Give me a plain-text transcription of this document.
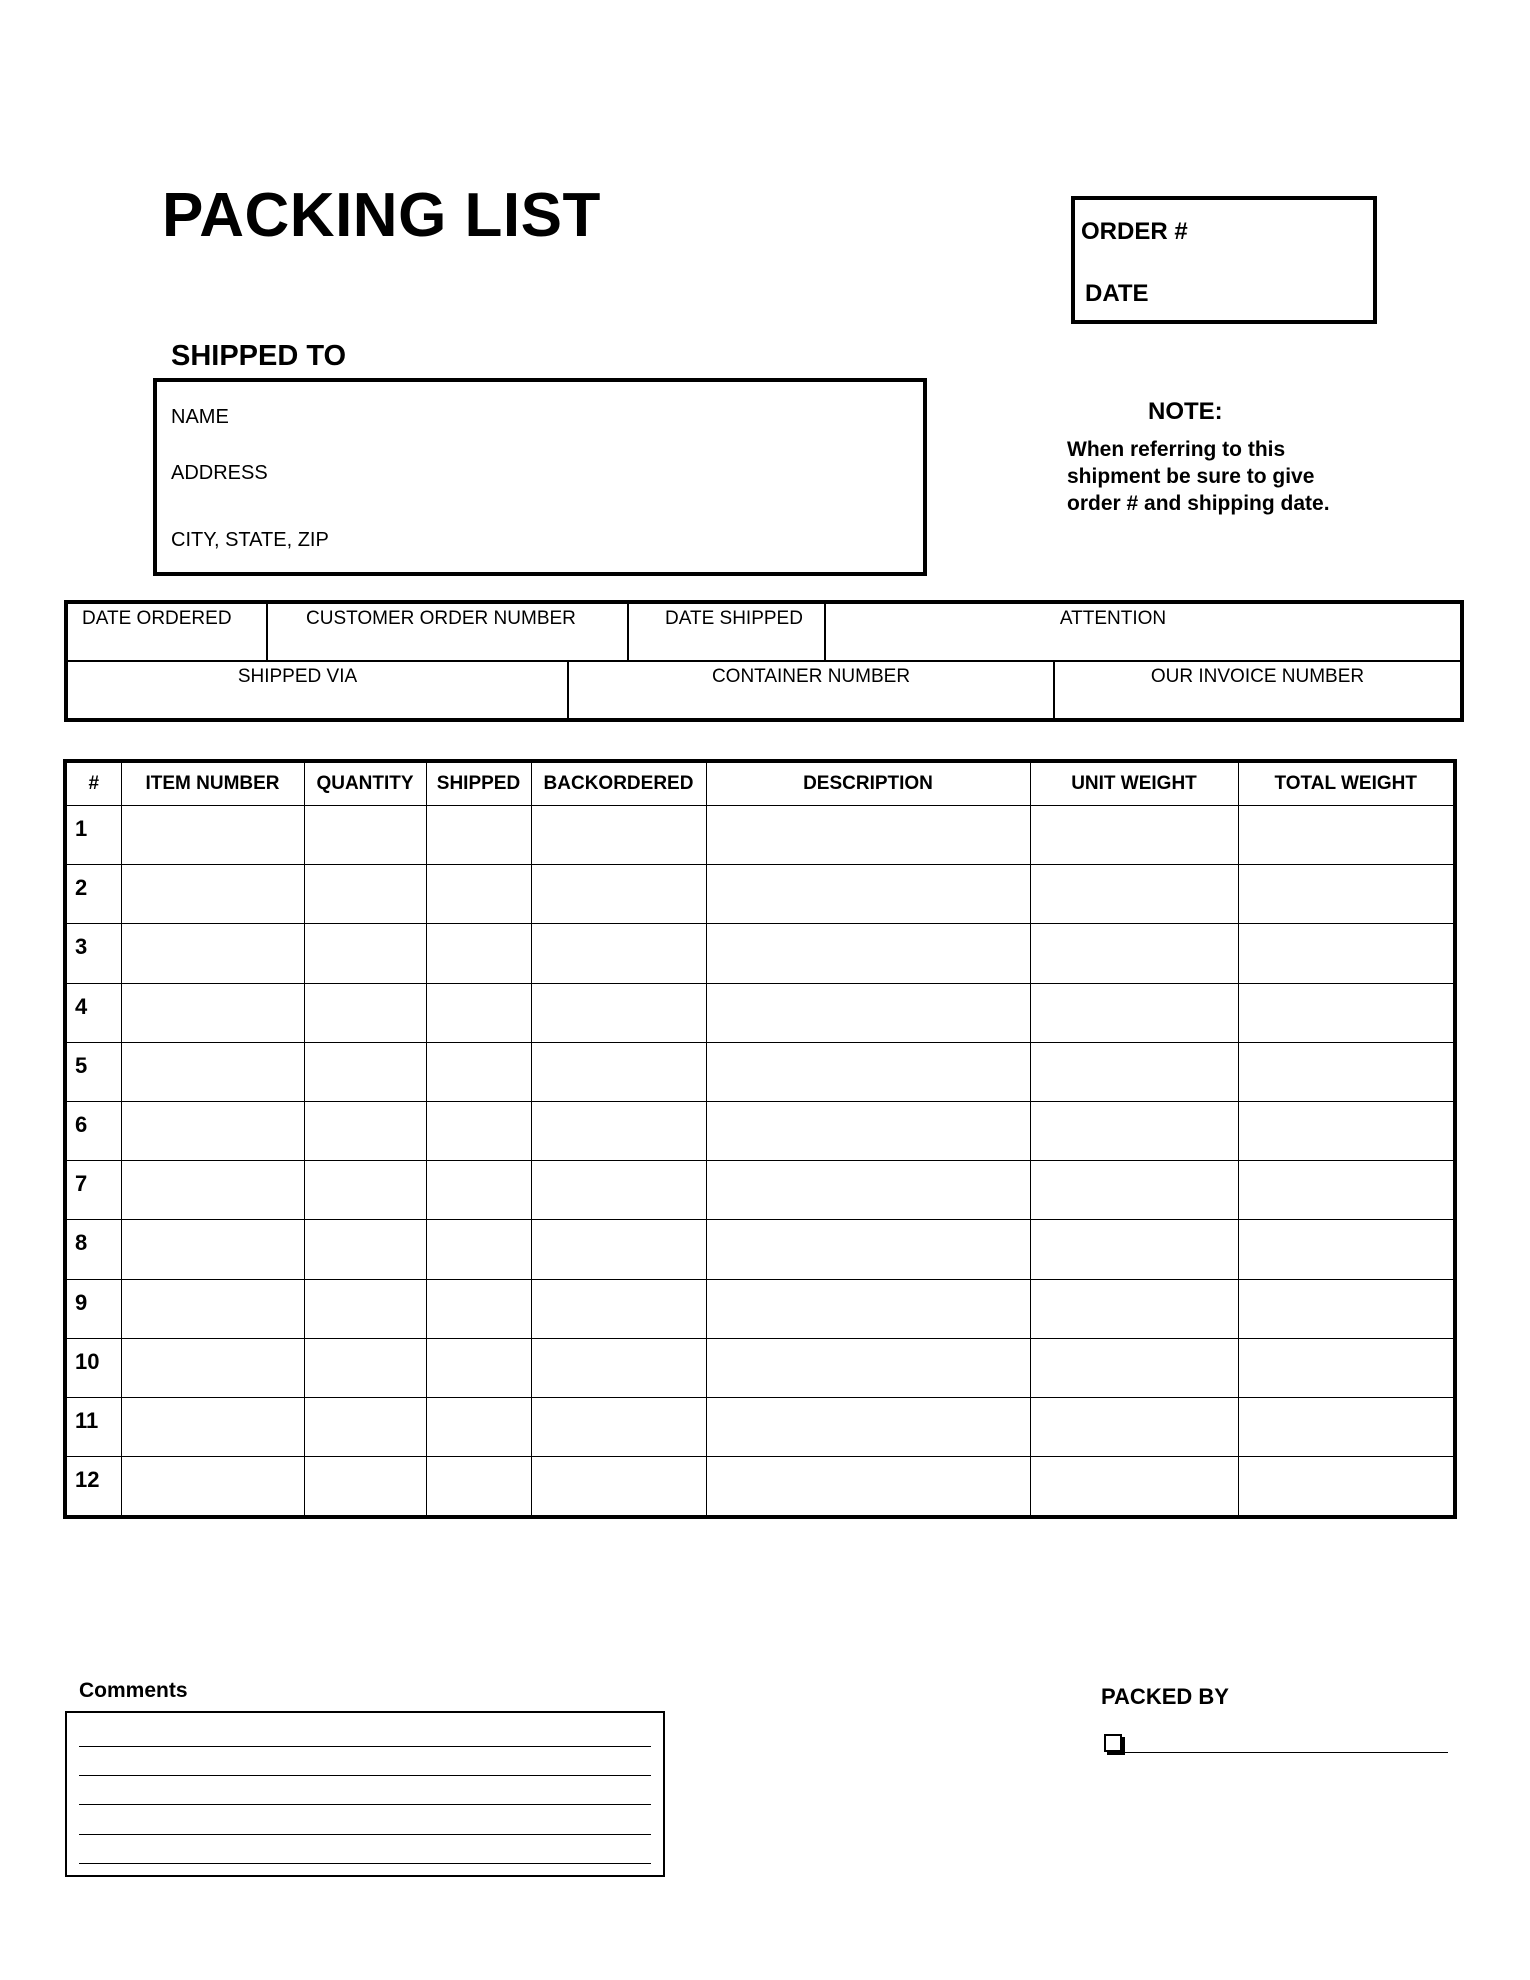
PACKING LIST	ORDER #
DATE
SHIPPED TO
NAME
ADDRESS
CITY, STATE, ZIP
NOTE:
When referring to this
shipment be sure to give
order # and shipping date.
DATE ORDERED	CUSTOMER ORDER NUMBER	DATE SHIPPED	ATTENTION
SHIPPED VIA	CONTAINER NUMBER	OUR INVOICE NUMBER
#	ITEM NUMBER	QUANTITY	SHIPPED	BACKORDERED	DESCRIPTION	UNIT WEIGHT	TOTAL WEIGHT
1							
2							
3							
4							
5							
6							
7							
8							
9							
10							
11							
12							
Comments	PACKED BY
